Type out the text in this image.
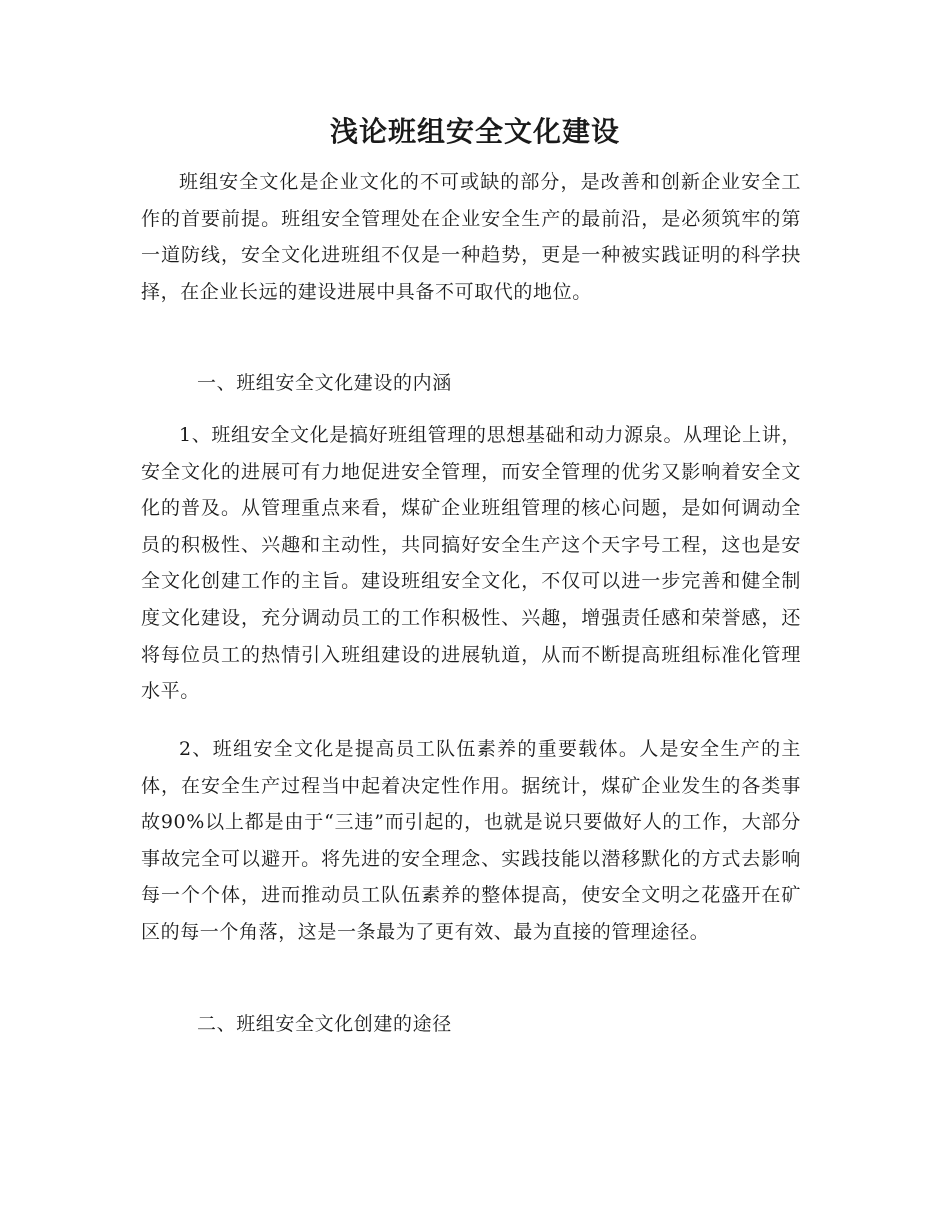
浅论班组安全文化建设

班组安全文化是企业文化的不可或缺的部分，是改善和创新企业安全工作的首要前提。班组安全管理处在企业安全生产的最前沿，是必须筑牢的第一道防线，安全文化进班组不仅是一种趋势，更是一种被实践证明的科学抉择，在企业长远的建设进展中具备不可取代的地位。

一、班组安全文化建设的内涵

1、班组安全文化是搞好班组管理的思想基础和动力源泉。从理论上讲，安全文化的进展可有力地促进安全管理，而安全管理的优劣又影响着安全文化的普及。从管理重点来看，煤矿企业班组管理的核心问题，是如何调动全员的积极性、兴趣和主动性，共同搞好安全生产这个天字号工程，这也是安全文化创建工作的主旨。建设班组安全文化，不仅可以进一步完善和健全制度文化建设，充分调动员工的工作积极性、兴趣，增强责任感和荣誉感，还将每位员工的热情引入班组建设的进展轨道，从而不断提高班组标准化管理水平。

2、班组安全文化是提高员工队伍素养的重要载体。人是安全生产的主体，在安全生产过程当中起着决定性作用。据统计，煤矿企业发生的各类事故90%以上都是由于“三违”而引起的，也就是说只要做好人的工作，大部分事故完全可以避开。将先进的安全理念、实践技能以潜移默化的方式去影响每一个个体，进而推动员工队伍素养的整体提高，使安全文明之花盛开在矿区的每一个角落，这是一条最为了更有效、最为直接的管理途径。

二、班组安全文化创建的途径
